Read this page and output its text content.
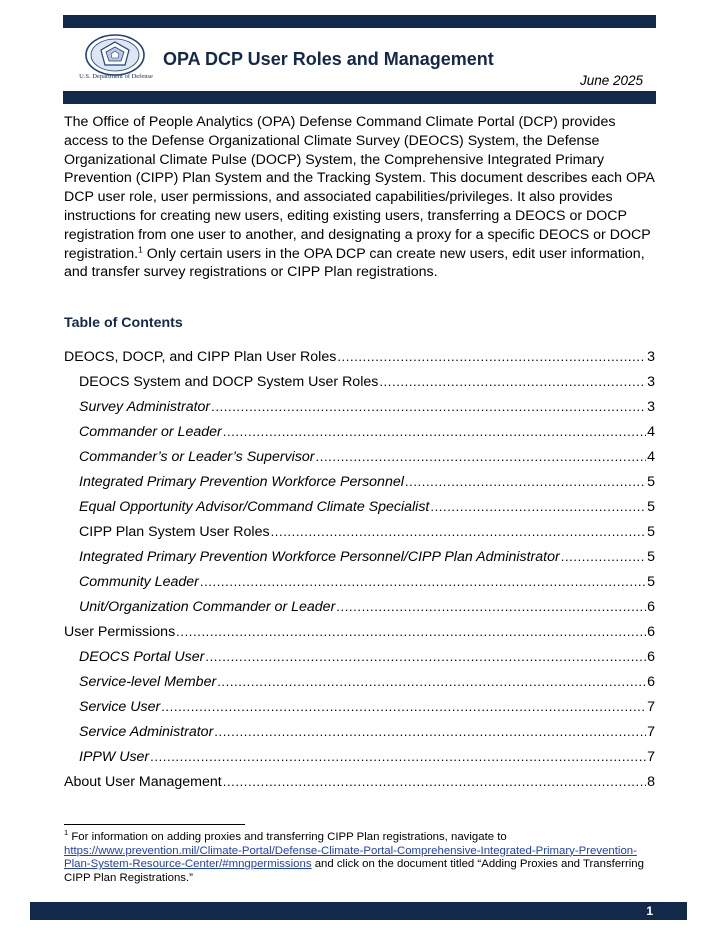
U.S. Department of Defense
OPA DCP User Roles and Management
June 2025

The Office of People Analytics (OPA) Defense Command Climate Portal (DCP) provides access to the Defense Organizational Climate Survey (DEOCS) System, the Defense Organizational Climate Pulse (DOCP) System, the Comprehensive Integrated Primary Prevention (CIPP) Plan System and the Tracking System. This document describes each OPA DCP user role, user permissions, and associated capabilities/privileges. It also provides instructions for creating new users, editing existing users, transferring a DEOCS or DOCP registration from one user to another, and designating a proxy for a specific DEOCS or DOCP registration.$^1$ Only certain users in the OPA DCP can create new users, edit user information, and transfer survey registrations or CIPP Plan registrations.

Table of Contents
DEOCS, DOCP, and CIPP Plan User Roles .....	3
DEOCS System and DOCP System User Roles .....	3
Survey Administrator .....	3
Commander or Leader .....	4
Commander’s or Leader’s Supervisor .....	4
Integrated Primary Prevention Workforce Personnel .....	5
Equal Opportunity Advisor/Command Climate Specialist .....	5
CIPP Plan System User Roles .....	5
Integrated Primary Prevention Workforce Personnel/CIPP Plan Administrator .....	5
Community Leader .....	5
Unit/Organization Commander or Leader .....	6
User Permissions .....	6
DEOCS Portal User .....	6
Service-level Member .....	6
Service User .....	7
Service Administrator .....	7
IPPW User .....	7
About User Management .....	8

$^1$ For information on adding proxies and transferring CIPP Plan registrations, navigate to https://www.prevention.mil/Climate-Portal/Defense-Climate-Portal-Comprehensive-Integrated-Primary-Prevention-Plan-System-Resource-Center/#mngpermissions and click on the document titled “Adding Proxies and Transferring CIPP Plan Registrations.”

1
